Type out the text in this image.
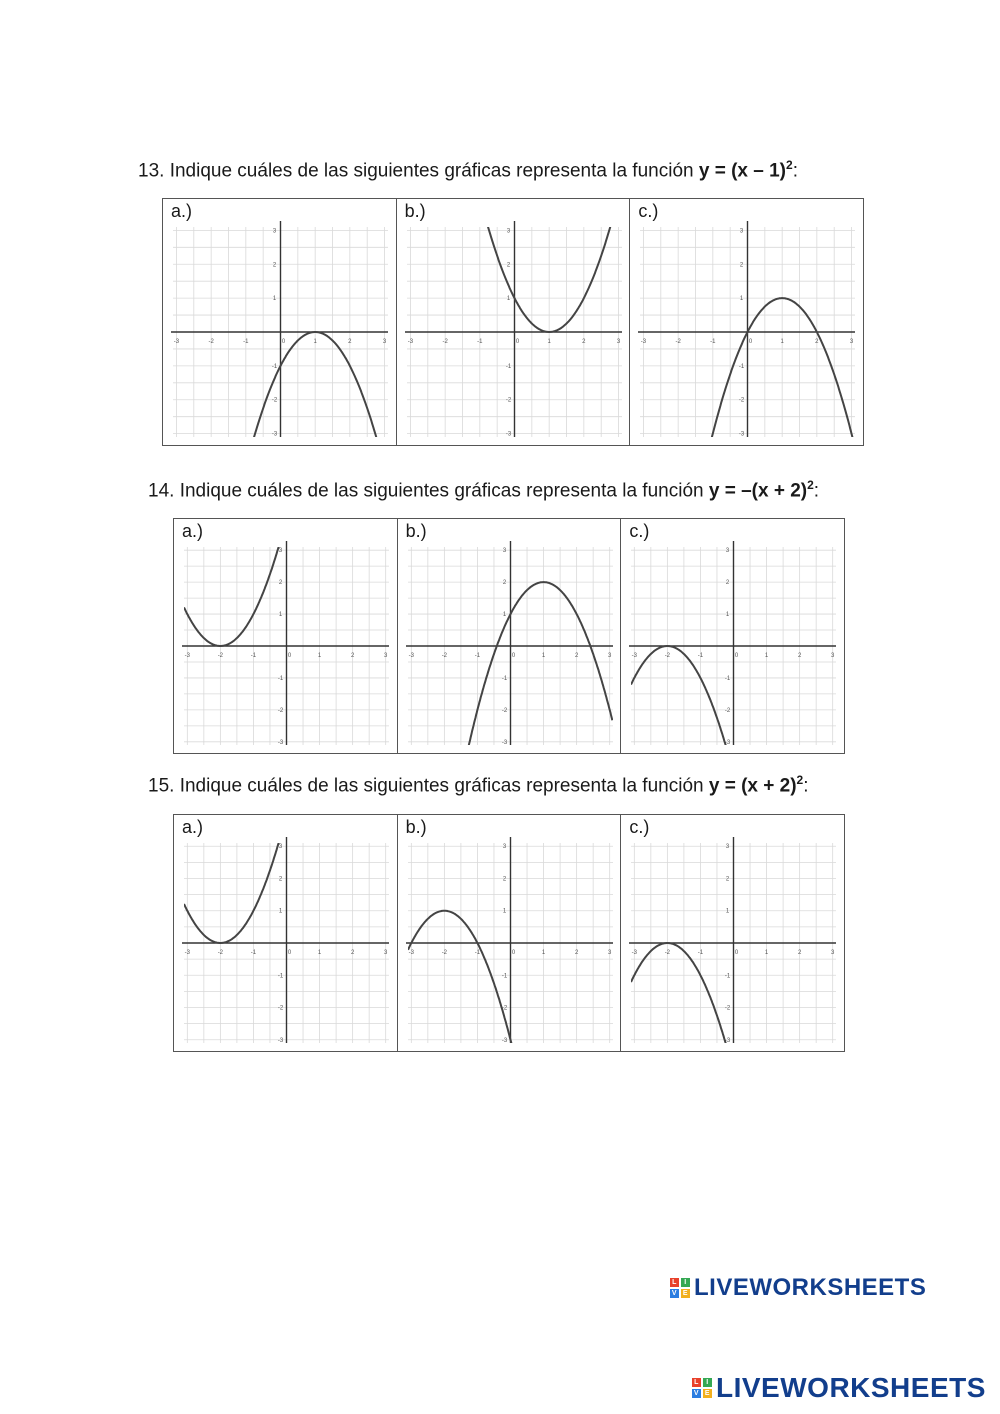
13. Indique cuáles de las siguientes gráficas representa la función y = (x – 1)$^2$:
-3	-2	-1	0	1	2	3
3
2
1
-1
-2
-3
a.)
-3	-2	-1	0	1	2	3
3
2
1
-1
-2
-3
b.)
-3	-2	-1	0	1	2	3
3
2
1
-1
-2
-3
c.)
14. Indique cuáles de las siguientes gráficas representa la función $y = -(x + 2)^2$:
-3	-2	-1	0	1	2	3
3
2
1
-1
-2
-3
a.)
-3	-2	-1	0	1	2	3
3
2
1
-1
-2
-3
b.)
-3	-2	-1	0	1	2	3
3
2
1
-1
-2
-3
c.)
15. Indique cuáles de las siguientes gráficas representa la función $y = (x + 2)^2$:
-3	-2	-1	0	1	2	3
3
2
1
-1
-2
-3
a.)
-3	-2	-1	0	1	2	3
3
2
1
-1
-2
-3
b.)
-3	-2	-1	0	1	2	3
3
2
1
-1
-2
-3
c.)
L	I
V E LIVEWORKSHEETS
L	I
V E LIVEWORKSHEETS
